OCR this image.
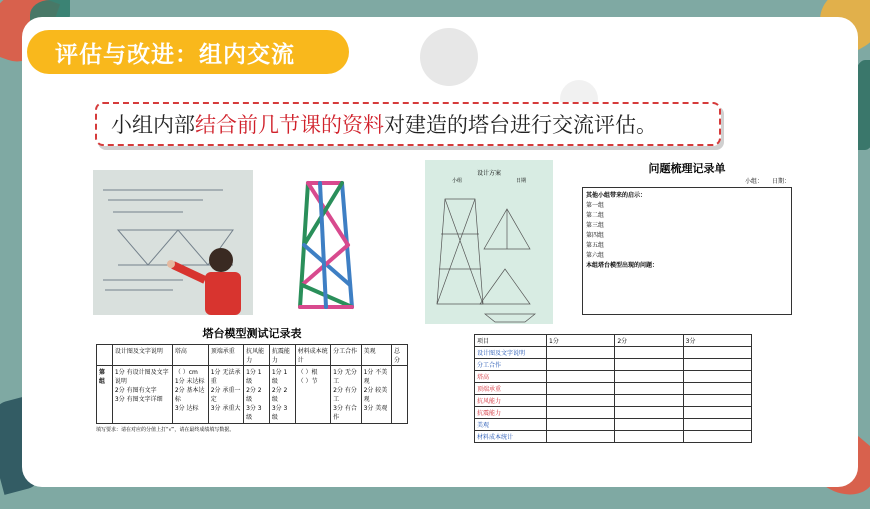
评估与改进：组内交流
小组内部 结合前几节课的资料 对建造的塔台进行交流评估。
设计方案
小组	日期
问题梳理记录单
小组：　　日期：
其他小组带来的启示：
第一组
第二组
第三组
第四组
第五组
第六组
本组塔台模型出现的问题：
塔台模型测试记录表
	设计图及文字说明	塔高	顶端承重	抗风能力	抗震能力	材料成本统计	分工合作	美观	总分
第组	1分 有设计图及文字说明
2分 有图有文字
3分 有图文字详细	（ ）cm
1分 未达标
2分 基本达标
3分 达标	1分 无法承重
2分 承重一定
3分 承重大	1分 1级
2分 2级
3分 3级	1分 1级
2分 2级
3分 3级	（ ）根
（ ）节	1分 无分工
2分 有分工
3分 有合作	1分 不美观
2分 较美观
3分 美观	
填写要求：请在对应的分值上打“√”，请在最终成绩填写数据。
项目	1分	2分	3分
设计图及文字说明			
分工合作			
塔高			
顶端承重			
抗风能力			
抗震能力			
美观			
材料成本统计			
